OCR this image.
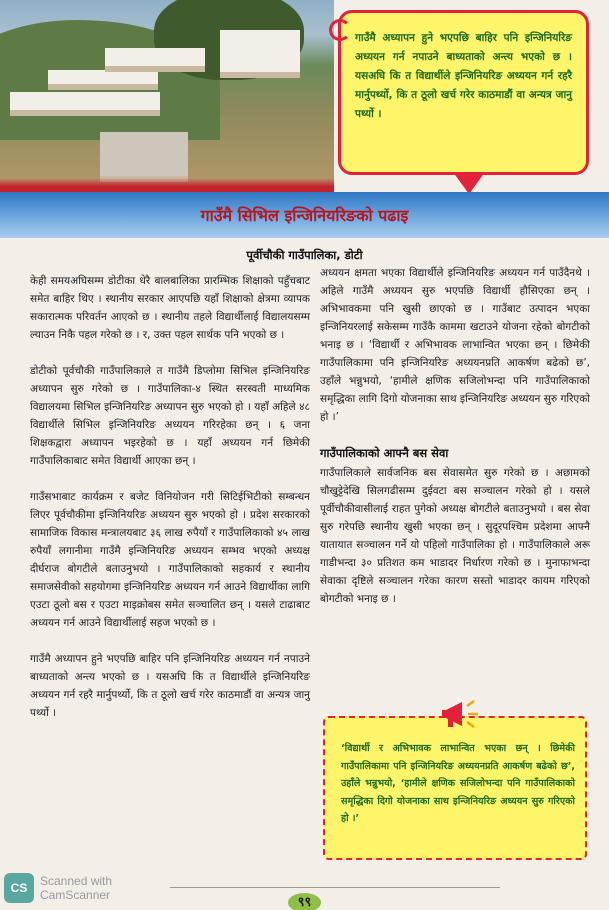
गाउँमै अध्यापन हुने भएपछि बाहिर पनि इन्जिनियरिङ अध्ययन गर्न नपाउने बाध्यताको अन्त्य भएको छ । यसअघि कि त विद्यार्थीले इन्जिनियरिङ अध्ययन गर्न रहरै मार्नुपर्थ्यो, कि त ठूलो खर्च गरेर काठमाडौं वा अन्यत्र जानु पर्थ्यो ।
गाउँमै सिभिल इन्जिनियरिङको पढाइ
पूर्वीचौकी गाउँपालिका, डोटी

केही समयअघिसम्म डोटीका धेरै बालबालिका प्रारम्भिक शिक्षाको पहुँचबाट समेत बाहिर थिए । स्थानीय सरकार आएपछि यहाँ शिक्षाको क्षेत्रमा व्यापक सकारात्मक परिवर्तन आएको छ । स्थानीय तहले विद्यार्थीलाई विद्यालयसम्म ल्याउन निकै पहल गरेको छ । र, उक्त पहल सार्थक पनि भएको छ ।

डोटीको पूर्वचौकी गाउँपालिकाले त गाउँमै डिप्लोमा सिभिल इन्जिनियरिङ अध्यापन सुरु गरेको छ । गाउँपालिका-४ स्थित सरस्वती माध्यमिक विद्यालयमा सिभिल इन्जिनियरिङ अध्यापन सुरु भएको हो । यहाँ अहिले ४८ विद्यार्थीले सिभिल इन्जिनियरिङ अध्ययन गरिरहेका छन् । ६ जना शिक्षकद्वारा अध्यापन भइरहेको छ । यहाँ अध्ययन गर्न छिमेकी गाउँपालिकाबाट समेत विद्यार्थी आएका छन् ।

गाउँसभाबाट कार्यक्रम र बजेट विनियोजन गरी सिटिईभिटीको सम्बन्धन लिएर पूर्वचौकीमा इन्जिनियरिङ अध्ययन सुरु भएको हो । प्रदेश सरकारको सामाजिक विकास मन्त्रालयबाट ३६ लाख रुपैयाँ र गाउँपालिकाको ४५ लाख रुपैयाँ लगानीमा गाउँमै इन्जिनियरिङ अध्ययन सम्भव भएको अध्यक्ष दीर्घराज बोगटीले बताउनुभयो । गाउँपालिकाको सहकार्य र स्थानीय समाजसेवीको सहयोगमा इन्जिनियरिङ अध्ययन गर्न आउने विद्यार्थीका लागि एउटा ठूलो बस र एउटा माइक्रोबस समेत सञ्चालित छन् । यसले टाढाबाट अध्ययन गर्न आउने विद्यार्थीलाई सहज भएको छ ।

गाउँमै अध्यापन हुने भएपछि बाहिर पनि इन्जिनियरिङ अध्ययन गर्न नपाउने बाध्यताको अन्त्य भएको छ । यसअघि कि त विद्यार्थीले इन्जिनियरिङ अध्ययन गर्न रहरै मार्नुपर्थ्यो, कि त ठूलो खर्च गरेर काठमाडौं वा अन्यत्र जानु पर्थ्यो ।

अध्ययन क्षमता भएका विद्यार्थीले इन्जिनियरिङ अध्ययन गर्न पाउँदैनथे । अहिले गाउँमै अध्ययन सुरु भएपछि विद्यार्थी हौसिएका छन् । अभिभावकमा पनि खुसी छाएको छ । गाउँबाट उत्पादन भएका इन्जिनियरलाई सकेसम्म गाउँकै काममा खटाउने योजना रहेको बोगटीको भनाइ छ । ‘विद्यार्थी र अभिभावक लाभान्वित भएका छन् । छिमेकी गाउँपालिकामा पनि इन्जिनियरिङ अध्ययनप्रति आकर्षण बढेको छ’, उहाँले भन्नुभयो, ‘हामीले क्षणिक सजिलोभन्दा पनि गाउँपालिकाको समृद्धिका लागि दिगो योजनाका साथ इन्जिनियरिङ अध्ययन सुरु गरिएको हो ।’

गाउँपालिकाको आफ्नै बस सेवा

गाउँपालिकाले सार्वजनिक बस सेवासमेत सुरु गरेको छ । अछामको चौखुट्टेदेखि सिलगढीसम्म दुईवटा बस सञ्चालन गरेको हो । यसले पूर्वीचौकीवासीलाई राहत पुगेको अध्यक्ष बोगटीले बताउनुभयो । बस सेवा सुरु गरेपछि स्थानीय खुसी भएका छन् । सुदूरपश्चिम प्रदेशमा आफ्नै यातायात सञ्चालन गर्ने यो पहिलो गाउँपालिका हो । गाउँपालिकाले अरू गाडीभन्दा ३० प्रतिशत कम भाडादर निर्धारण गरेको छ । मुनाफाभन्दा सेवाका दृष्टिले सञ्चालन गरेका कारण सस्तो भाडादर कायम गरिएको बोगटीको भनाइ छ ।

‘विद्यार्थी र अभिभावक लाभान्वित भएका छन् । छिमेकी गाउँपालिकामा पनि इन्जिनियरिङ अध्ययनप्रति आकर्षण बढेको छ’, उहाँले भन्नुभयो, ‘हामीले क्षणिक सजिलोभन्दा पनि गाउँपालिकाको समृद्धिका दिगो योजनाका साथ इन्जिनियरिङ अध्ययन सुरु गरिएको हो ।’
CS	Scanned with
CamScanner	९९
